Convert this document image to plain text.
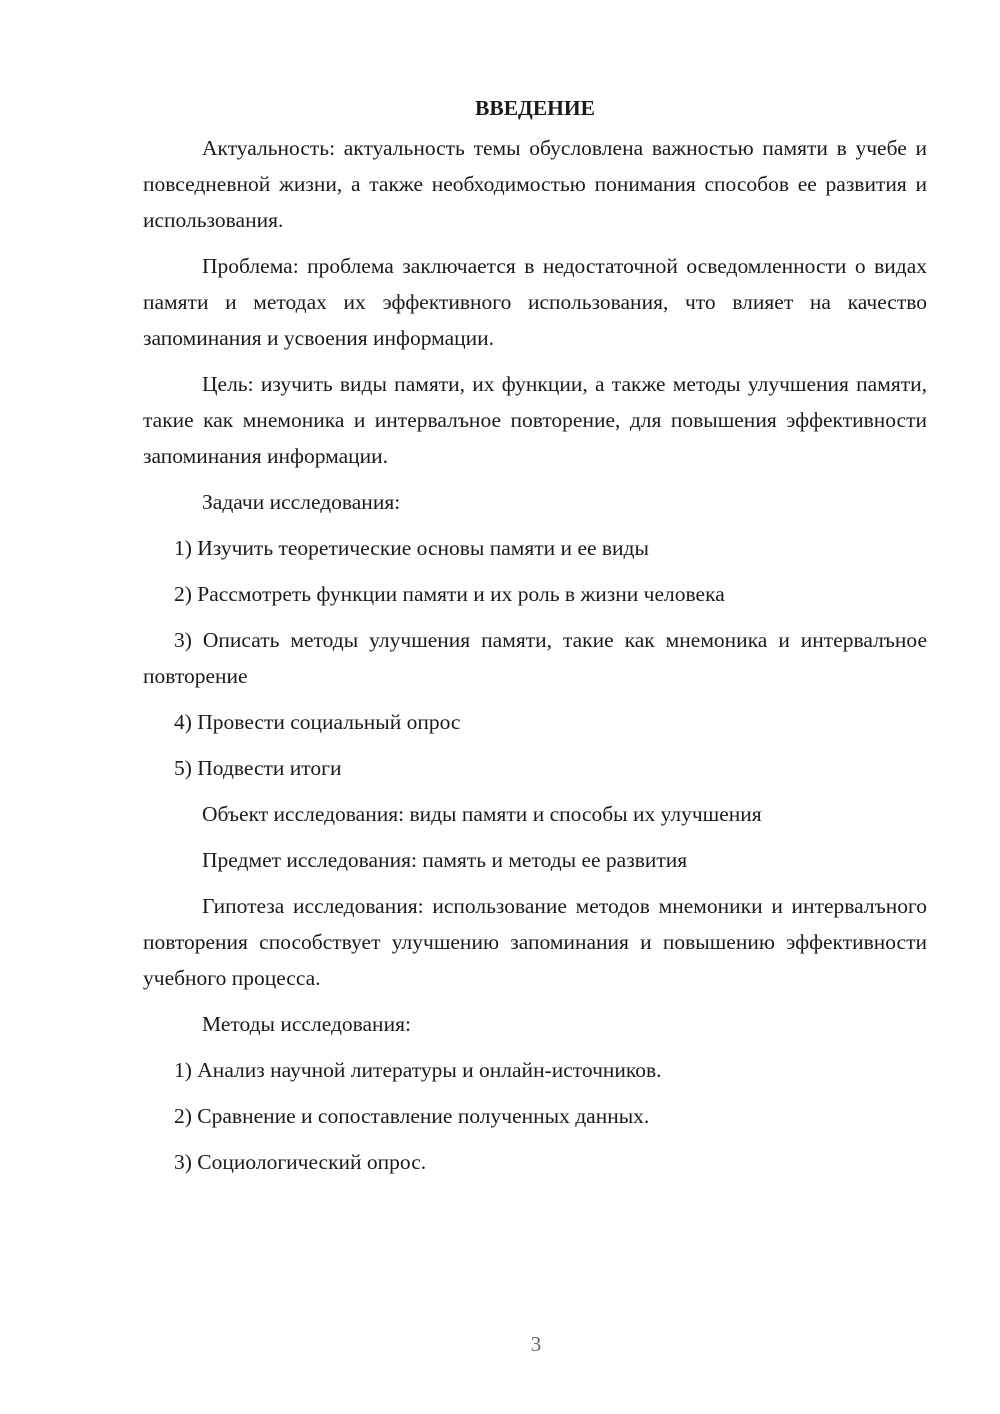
ВВЕДЕНИЕ

Актуальность: актуальность темы обусловлена важностью памяти в учебе и повседневной жизни, а также необходимостью понимания способов ее развития и использования.

Проблема: проблема заключается в недостаточной осведомленности о видах памяти и методах их эффективного использования, что влияет на качество запоминания и усвоения информации.

Цель: изучить виды памяти, их функции, а также методы улучшения памяти, такие как мнемоника и интервалъное повторение, для повышения эффективности запоминания информации.

Задачи исследования:

1) Изучить теоретические основы памяти и ее виды

2) Рассмотреть функции памяти и их роль в жизни человека

3) Описать методы улучшения памяти, такие как мнемоника и интервалъное повторение

4) Провести социальный опрос

5) Подвести итоги

Объект исследования: виды памяти и способы их улучшения

Предмет исследования: память и методы ее развития

Гипотеза исследования: использование методов мнемоники и интервалъного повторения способствует улучшению запоминания и повышению эффективности учебного процесса.

Методы исследования:

1) Анализ научной литературы и онлайн-источников.

2) Сравнение и сопоставление полученных данных.

3) Социологический опрос.

3
